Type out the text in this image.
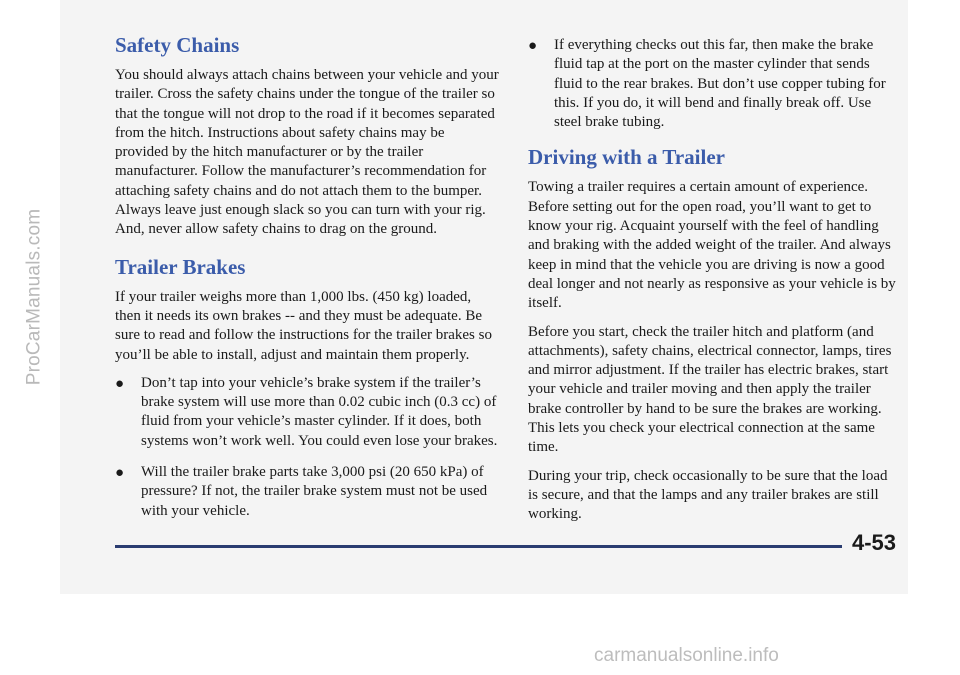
ProCarManuals.com
Safety Chains

You should always attach chains between your vehicle and your trailer. Cross the safety chains under the tongue of the trailer so that the tongue will not drop to the road if it becomes separated from the hitch. Instructions about safety chains may be provided by the hitch manufacturer or by the trailer manufacturer. Follow the manufacturer’s recommendation for attaching safety chains and do not attach them to the bumper. Always leave just enough slack so you can turn with your rig. And, never allow safety chains to drag on the ground.

Trailer Brakes

If your trailer weighs more than 1,000 lbs. (450 kg) loaded, then it needs its own brakes -- and they must be adequate. Be sure to read and follow the instructions for the trailer brakes so you’ll be able to install, adjust and maintain them properly.

● Don’t tap into your vehicle’s brake system if the trailer’s brake system will use more than 0.02 cubic inch (0.3 cc) of fluid from your vehicle’s master cylinder. If it does, both systems won’t work well. You could even lose your brakes.
● Will the trailer brake parts take 3,000 psi (20 650 kPa) of pressure? If not, the trailer brake system must not be used with your vehicle.
● If everything checks out this far, then make the brake fluid tap at the port on the master cylinder that sends fluid to the rear brakes. But don’t use copper tubing for this. If you do, it will bend and finally break off. Use steel brake tubing.
Driving with a Trailer

Towing a trailer requires a certain amount of experience. Before setting out for the open road, you’ll want to get to know your rig. Acquaint yourself with the feel of handling and braking with the added weight of the trailer. And always keep in mind that the vehicle you are driving is now a good deal longer and not nearly as responsive as your vehicle is by itself.

Before you start, check the trailer hitch and platform (and attachments), safety chains, electrical connector, lamps, tires and mirror adjustment. If the trailer has electric brakes, start your vehicle and trailer moving and then apply the trailer brake controller by hand to be sure the brakes are working. This lets you check your electrical connection at the same time.

During your trip, check occasionally to be sure that the load is secure, and that the lamps and any trailer brakes are still working.

4-53
carmanualsonline.info
